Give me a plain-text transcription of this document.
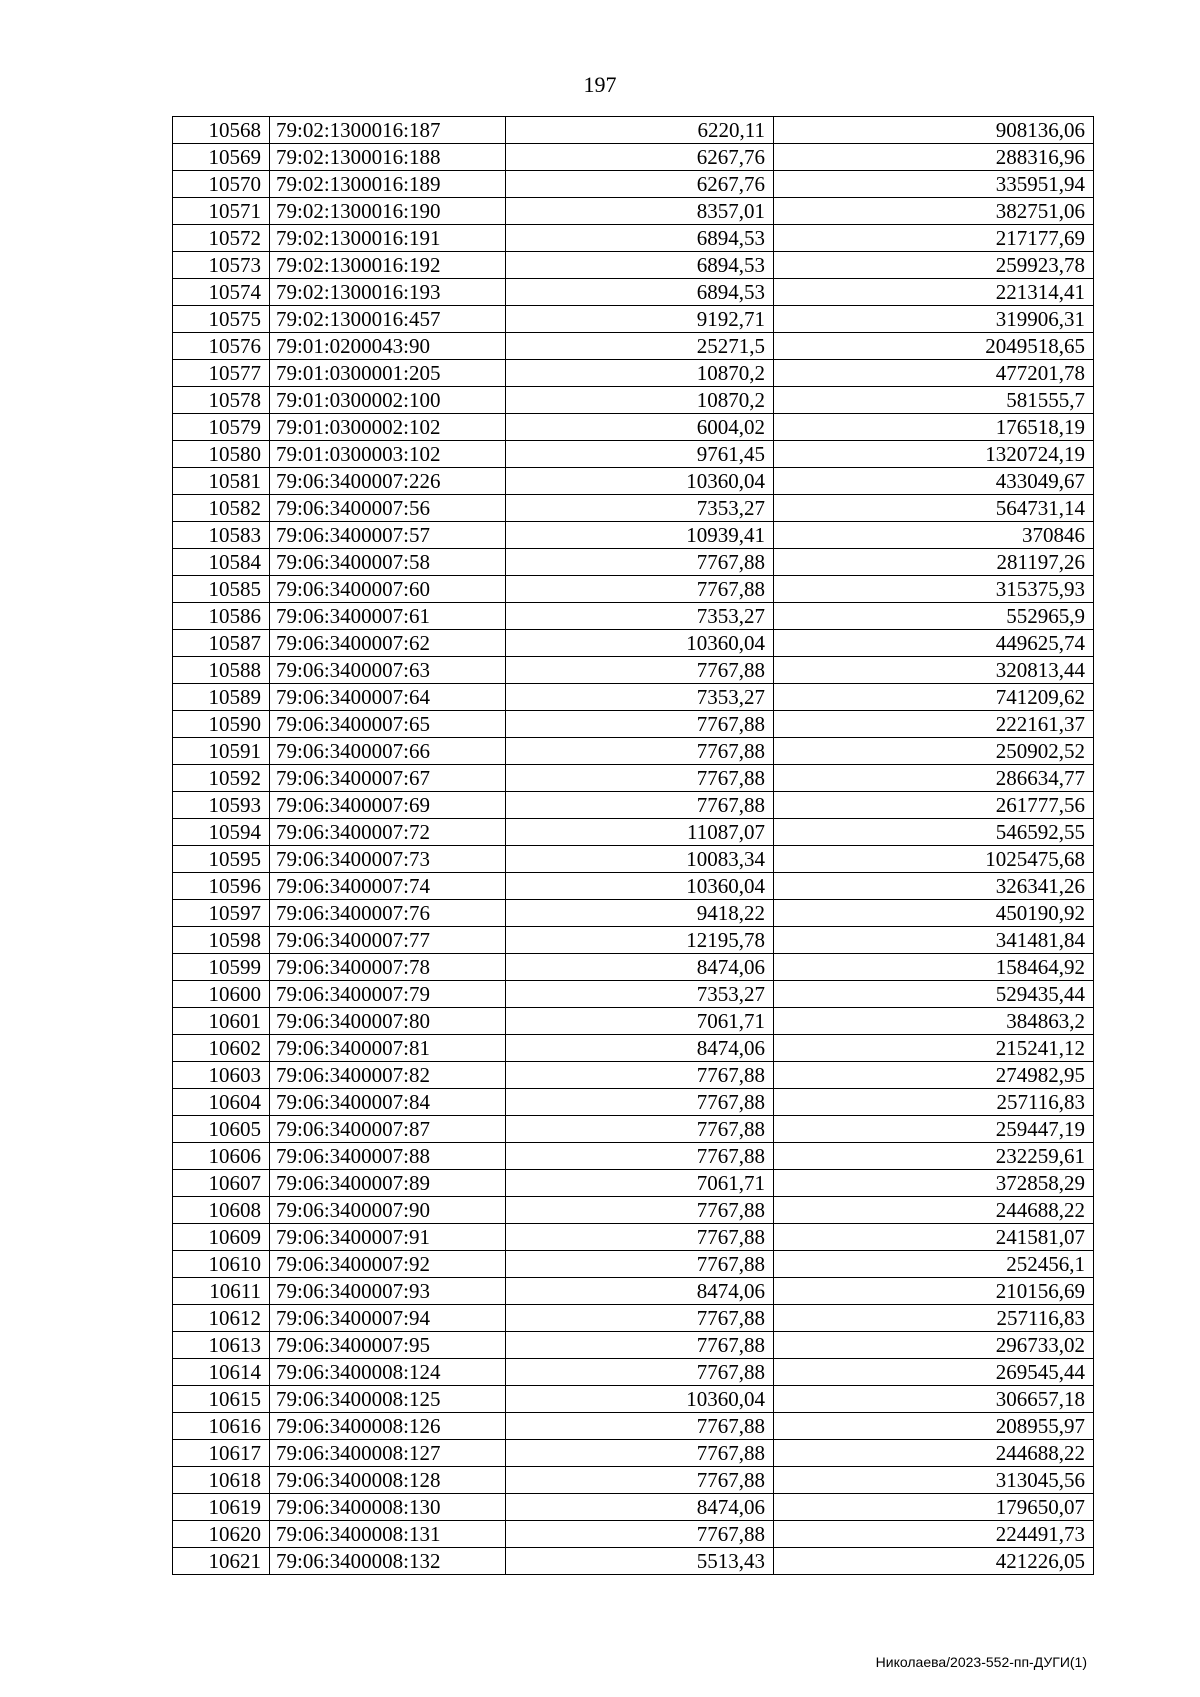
197
10568	79:02:1300016:187	6220,11	908136,06
10569	79:02:1300016:188	6267,76	288316,96
10570	79:02:1300016:189	6267,76	335951,94
10571	79:02:1300016:190	8357,01	382751,06
10572	79:02:1300016:191	6894,53	217177,69
10573	79:02:1300016:192	6894,53	259923,78
10574	79:02:1300016:193	6894,53	221314,41
10575	79:02:1300016:457	9192,71	319906,31
10576	79:01:0200043:90	25271,5	2049518,65
10577	79:01:0300001:205	10870,2	477201,78
10578	79:01:0300002:100	10870,2	581555,7
10579	79:01:0300002:102	6004,02	176518,19
10580	79:01:0300003:102	9761,45	1320724,19
10581	79:06:3400007:226	10360,04	433049,67
10582	79:06:3400007:56	7353,27	564731,14
10583	79:06:3400007:57	10939,41	370846
10584	79:06:3400007:58	7767,88	281197,26
10585	79:06:3400007:60	7767,88	315375,93
10586	79:06:3400007:61	7353,27	552965,9
10587	79:06:3400007:62	10360,04	449625,74
10588	79:06:3400007:63	7767,88	320813,44
10589	79:06:3400007:64	7353,27	741209,62
10590	79:06:3400007:65	7767,88	222161,37
10591	79:06:3400007:66	7767,88	250902,52
10592	79:06:3400007:67	7767,88	286634,77
10593	79:06:3400007:69	7767,88	261777,56
10594	79:06:3400007:72	11087,07	546592,55
10595	79:06:3400007:73	10083,34	1025475,68
10596	79:06:3400007:74	10360,04	326341,26
10597	79:06:3400007:76	9418,22	450190,92
10598	79:06:3400007:77	12195,78	341481,84
10599	79:06:3400007:78	8474,06	158464,92
10600	79:06:3400007:79	7353,27	529435,44
10601	79:06:3400007:80	7061,71	384863,2
10602	79:06:3400007:81	8474,06	215241,12
10603	79:06:3400007:82	7767,88	274982,95
10604	79:06:3400007:84	7767,88	257116,83
10605	79:06:3400007:87	7767,88	259447,19
10606	79:06:3400007:88	7767,88	232259,61
10607	79:06:3400007:89	7061,71	372858,29
10608	79:06:3400007:90	7767,88	244688,22
10609	79:06:3400007:91	7767,88	241581,07
10610	79:06:3400007:92	7767,88	252456,1
10611	79:06:3400007:93	8474,06	210156,69
10612	79:06:3400007:94	7767,88	257116,83
10613	79:06:3400007:95	7767,88	296733,02
10614	79:06:3400008:124	7767,88	269545,44
10615	79:06:3400008:125	10360,04	306657,18
10616	79:06:3400008:126	7767,88	208955,97
10617	79:06:3400008:127	7767,88	244688,22
10618	79:06:3400008:128	7767,88	313045,56
10619	79:06:3400008:130	8474,06	179650,07
10620	79:06:3400008:131	7767,88	224491,73
10621	79:06:3400008:132	5513,43	421226,05
Николаева/2023-552-пп-ДУГИ(1)
